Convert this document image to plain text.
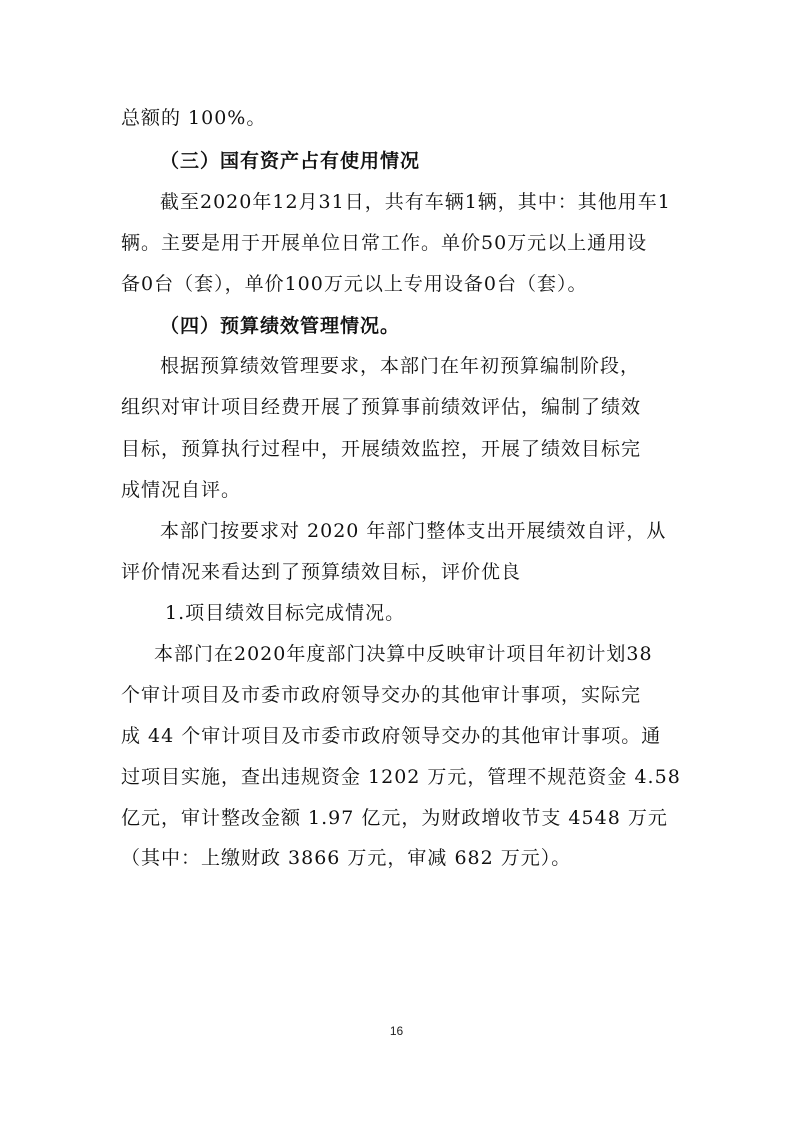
总额的 100%。
（三）国有资产占有使用情况
截至2020年12月31日，共有车辆1辆，其中：其他用车1
辆。主要是用于开展单位日常工作。单价50万元以上通用设
备0台（套），单价100万元以上专用设备0台（套）。
（四）预算绩效管理情况。
根据预算绩效管理要求，本部门在年初预算编制阶段，
组织对审计项目经费开展了预算事前绩效评估，编制了绩效
目标，预算执行过程中，开展绩效监控，开展了绩效目标完
成情况自评。
本部门按要求对 2020 年部门整体支出开展绩效自评，从
评价情况来看达到了预算绩效目标，评价优良
1.项目绩效目标完成情况。
本部门在2020年度部门决算中反映审计项目年初计划38
个审计项目及市委市政府领导交办的其他审计事项，实际完
成 44 个审计项目及市委市政府领导交办的其他审计事项。通
过项目实施，查出违规资金 1202 万元，管理不规范资金 4.58
亿元，审计整改金额 1.97 亿元，为财政增收节支 4548 万元
（其中：上缴财政 3866 万元，审减 682 万元）。
16
